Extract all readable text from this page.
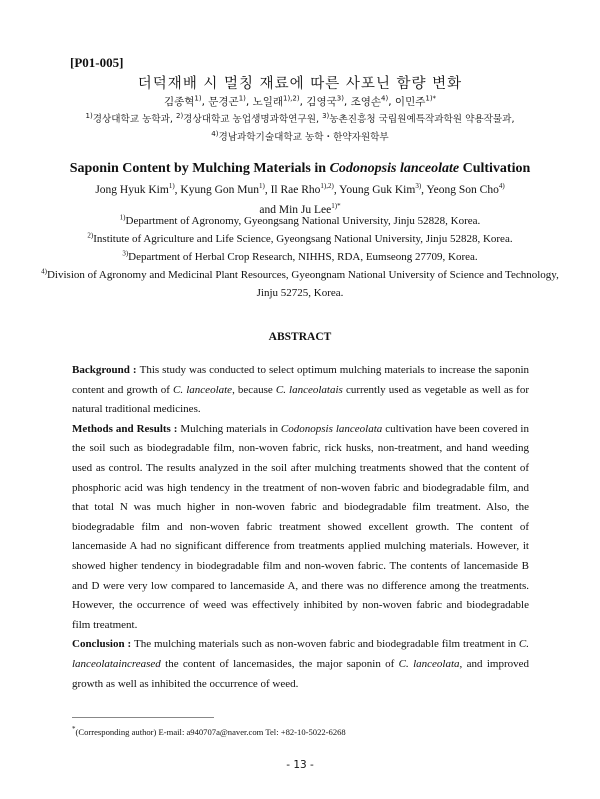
[P01-005]
더덕재배 시 멀칭 재료에 따른 사포닌 함량 변화
김종혁$^{1)}$, 문경곤$^{1)}$, 노일래$^{1),2)}$, 김영국$^{3)}$, 조영손$^{4)}$, 이민주$^{1)*}$
$^{1)}$경상대학교 농학과, $^{2)}$경상대학교 농업생명과학연구원, $^{3)}$농촌진흥청 국립원예특작과학원 약용작물과,
$^{4)}$경남과학기술대학교 농학・한약자원학부
Saponin Content by Mulching Materials in Codonopsis lanceolate Cultivation
Jong Hyuk Kim$^{1)}$, Kyung Gon Mun$^{1)}$, Il Rae Rho$^{1),2)}$, Young Guk Kim$^{3)}$, Yeong Son Cho$^{4)}$
and Min Ju Lee$^{1)*}$
$^{1)}$Department of Agronomy, Gyeongsang National University, Jinju 52828, Korea.
$^{2)}$Institute of Agriculture and Life Science, Gyeongsang National University, Jinju 52828, Korea.
$^{3)}$Department of Herbal Crop Research, NIHHS, RDA, Eumseong 27709, Korea.
$^{4)}$Division of Agronomy and Medicinal Plant Resources, Gyeongnam National University of Science and Technology, Jinju 52725, Korea.
ABSTRACT

Background : This study was conducted to select optimum mulching materials to increase the saponin content and growth of C. lanceolate, because C. lanceolatais currently used as vegetable as well as for natural traditional medicines.

Methods and Results : Mulching materials in Codonopsis lanceolata cultivation have been covered in the soil such as biodegradable film, non-woven fabric, rick husks, non-treatment, and hand weeding used as control. The results analyzed in the soil after mulching treatments showed that the content of phosphoric acid was high tendency in the treatment of non-woven fabric and biodegradable film, and that total N was much higher in non-woven fabric and biodegradable film treatment. Also, the biodegradable film and non-woven fabric treatment showed excellent growth. The content of lancemaside A had no significant difference from treatments applied mulching materials. However, it showed higher tendency in biodegradable film and non-woven fabric. The contents of lancemaside B and D were very low compared to lancemaside A, and there was no difference among the treatments. However, the occurrence of weed was effectively inhibited by non-woven fabric and biodegradable film treatment.

Conclusion : The mulching materials such as non-woven fabric and biodegradable film treatment in C. lanceolataincreased the content of lancemasides, the major saponin of C. lanceolata, and improved growth as well as inhibited the occurrence of weed.

*(Corresponding author) E-mail: a940707a@naver.com Tel: +82-10-5022-6268
- 13 -
